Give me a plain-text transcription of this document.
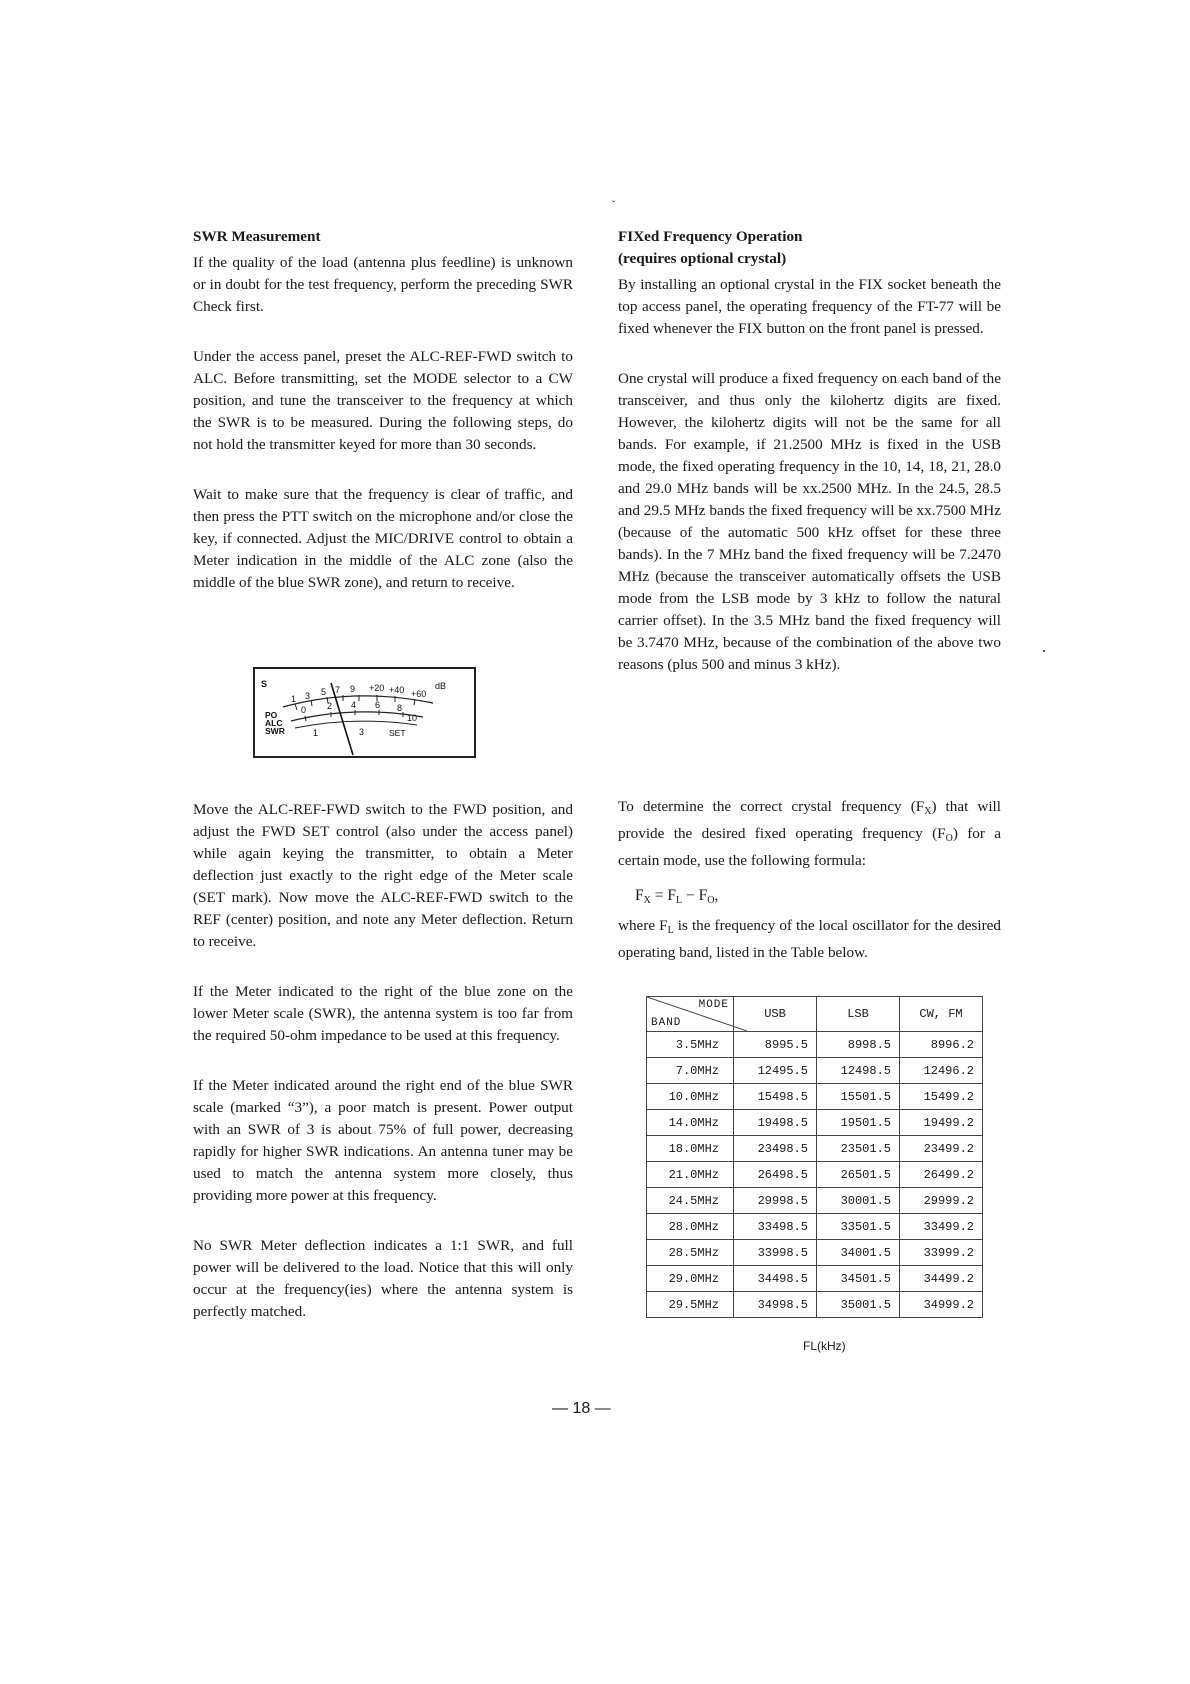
ˇ

SWR Measurement

If the quality of the load (antenna plus feedline) is unknown or in doubt for the test frequency, perform the preceding SWR Check first.

Under the access panel, preset the ALC-REF-FWD switch to ALC. Before transmitting, set the MODE selector to a CW position, and tune the transceiver to the frequency at which the SWR is to be measured. During the following steps, do not hold the transmitter keyed for more than 30 seconds.

Wait to make sure that the frequency is clear of traffic, and then press the PTT switch on the microphone and/or close the key, if connected. Adjust the MIC/DRIVE control to obtain a Meter indication in the middle of the ALC zone (also the middle of the blue SWR zone), and return to receive.

S
1 3 5 7 9 +20 +40 +60
dB
PO
ALC
SWR
0 2 4 6 8
10
1	3	SET

Move the ALC-REF-FWD switch to the FWD position, and adjust the FWD SET control (also under the access panel) while again keying the transmitter, to obtain a Meter deflection just exactly to the right edge of the Meter scale (SET mark). Now move the ALC-REF-FWD switch to the REF (center) position, and note any Meter deflection. Return to receive.

If the Meter indicated to the right of the blue zone on the lower Meter scale (SWR), the antenna system is too far from the required 50-ohm impedance to be used at this frequency.

If the Meter indicated around the right end of the blue SWR scale (marked “3”), a poor match is present. Power output with an SWR of 3 is about 75% of full power, decreasing rapidly for higher SWR indications. An antenna tuner may be used to match the antenna system more closely, thus providing more power at this frequency.

No SWR Meter deflection indicates a 1:1 SWR, and full power will be delivered to the load. Notice that this will only occur at the frequency(ies) where the antenna system is perfectly matched.

FIXed Frequency Operation

(requires optional crystal)

By installing an optional crystal in the FIX socket beneath the top access panel, the operating frequency of the FT-77 will be fixed whenever the FIX button on the front panel is pressed.

One crystal will produce a fixed frequency on each band of the transceiver, and thus only the kilohertz digits are fixed. However, the kilohertz digits will not be the same for all bands. For example, if 21.2500 MHz is fixed in the USB mode, the fixed operating frequency in the 10, 14, 18, 21, 28.0 and 29.0 MHz bands will be xx.2500 MHz. In the 24.5, 28.5 and 29.5 MHz bands the fixed frequency will be xx.7500 MHz (because of the automatic 500 kHz offset for these three bands). In the 7 MHz band the fixed frequency will be 7.2470 MHz (because the transceiver automatically offsets the USB mode from the LSB mode by 3 kHz to follow the natural carrier offset). In the 3.5 MHz band the fixed frequency will be 3.7470 MHz, because of the combination of the above two reasons (plus 500 and minus 3 kHz).

To determine the correct crystal frequency $(F_X)$ that will provide the desired fixed operating frequency $(F_O)$ for a certain mode, use the following formula:

$F_X = F_L - F_O$,

where $F_L$ is the frequency of the local oscillator for the desired operating band, listed in the Table below.

MODE
BAND	USB	LSB	CW, FM
3.5MHz	8995.5	8998.5	8996.2
7.0MHz	12495.5	12498.5	12496.2
10.0MHz	15498.5	15501.5	15499.2
14.0MHz	19498.5	19501.5	19499.2
18.0MHz	23498.5	23501.5	23499.2
21.0MHz	26498.5	26501.5	26499.2
24.5MHz	29998.5	30001.5	29999.2
28.0MHz	33498.5	33501.5	33499.2
28.5MHz	33998.5	34001.5	33999.2
29.0MHz	34498.5	34501.5	34499.2
29.5MHz	34998.5	35001.5	34999.2
FL(kHz)
— 18 —
